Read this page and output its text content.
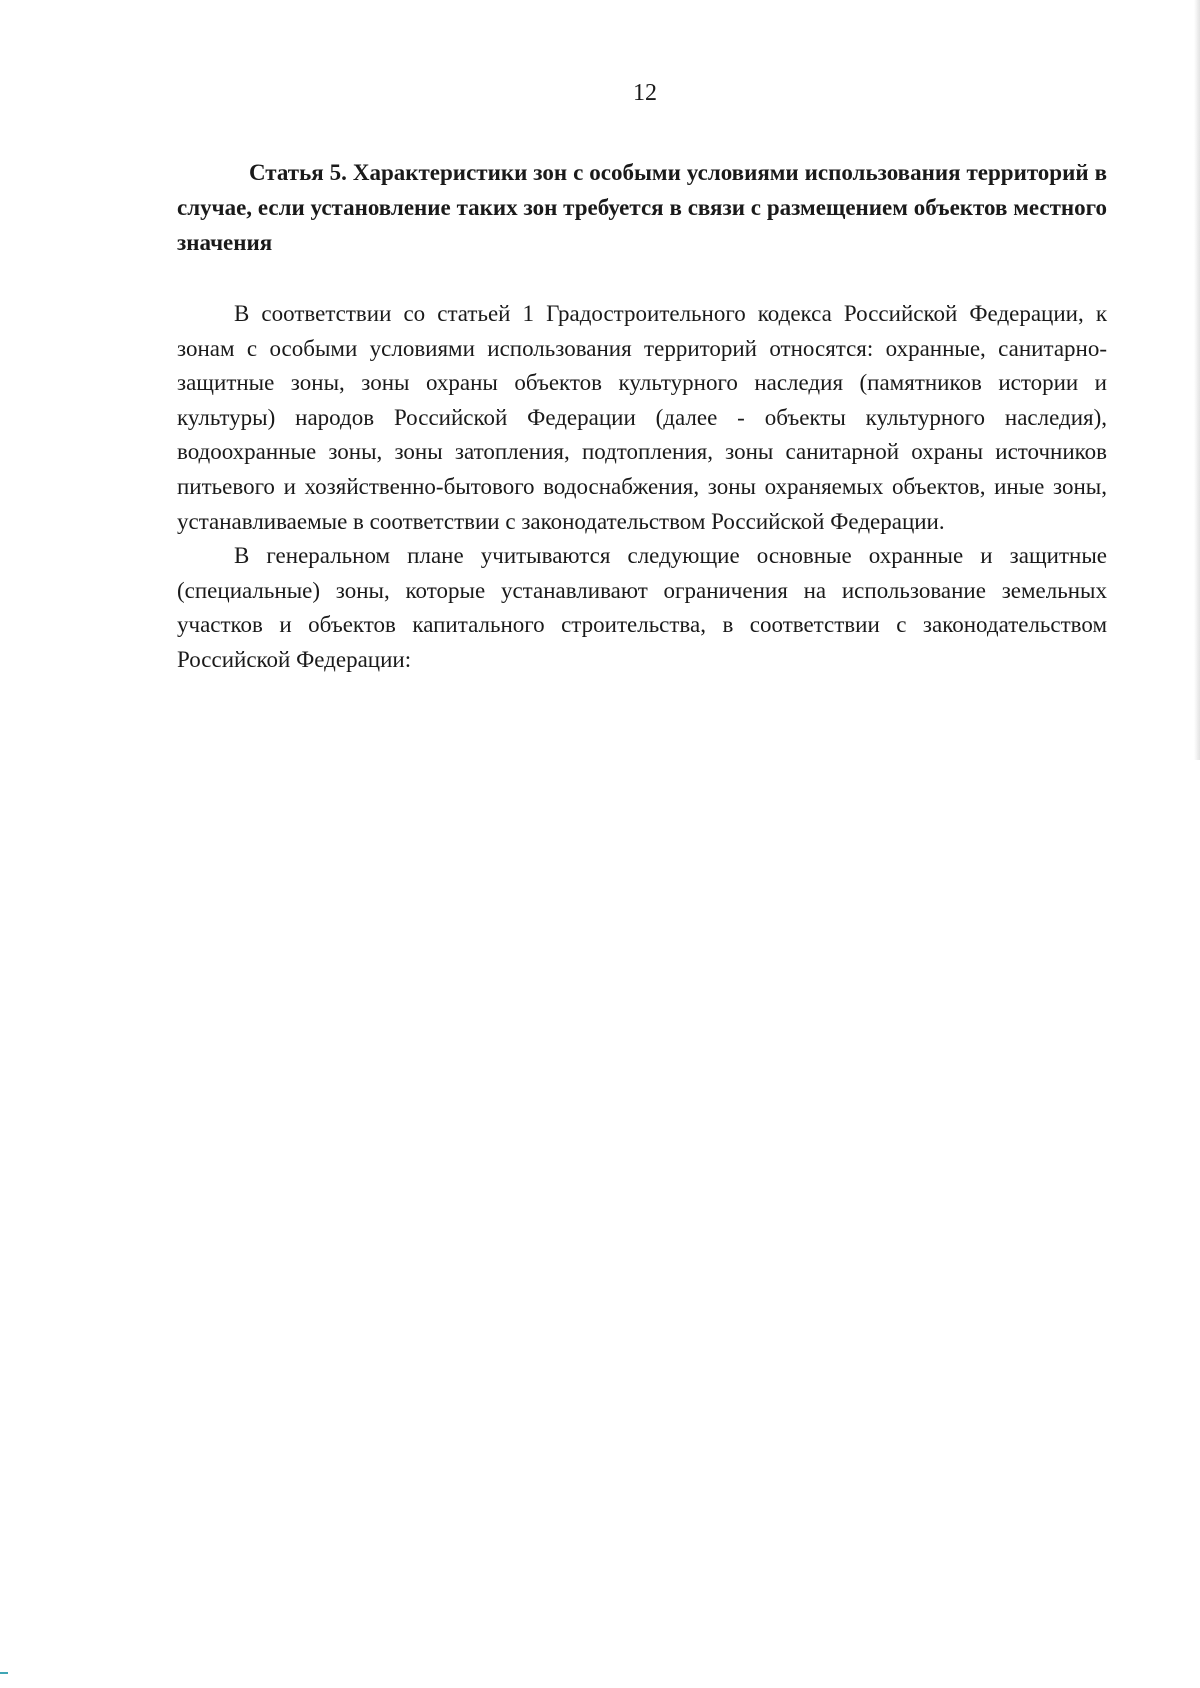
12
Статья 5. Характеристики зон с особыми условиями использования территорий в случае, если установление таких зон требуется в связи с размещением объектов местного значения

В соответствии со статьей 1 Градостроительного кодекса Российской Федерации, к зонам с особыми условиями использования территорий относятся: охранные, санитарно-защитные зоны, зоны охраны объектов культурного наследия (памятников истории и культуры) народов Российской Федерации (далее - объекты культурного наследия), водоохранные зоны, зоны затопления, подтопления, зоны санитарной охраны источников питьевого и хозяйственно-бытового водоснабжения, зоны охраняемых объектов, иные зоны, устанавливаемые в соответствии с законодательством Российской Федерации.

В генеральном плане учитываются следующие основные охранные и защитные (специальные) зоны, которые устанавливают ограничения на использование земельных участков и объектов капитального строительства, в соответствии с законодательством Российской Федерации:
